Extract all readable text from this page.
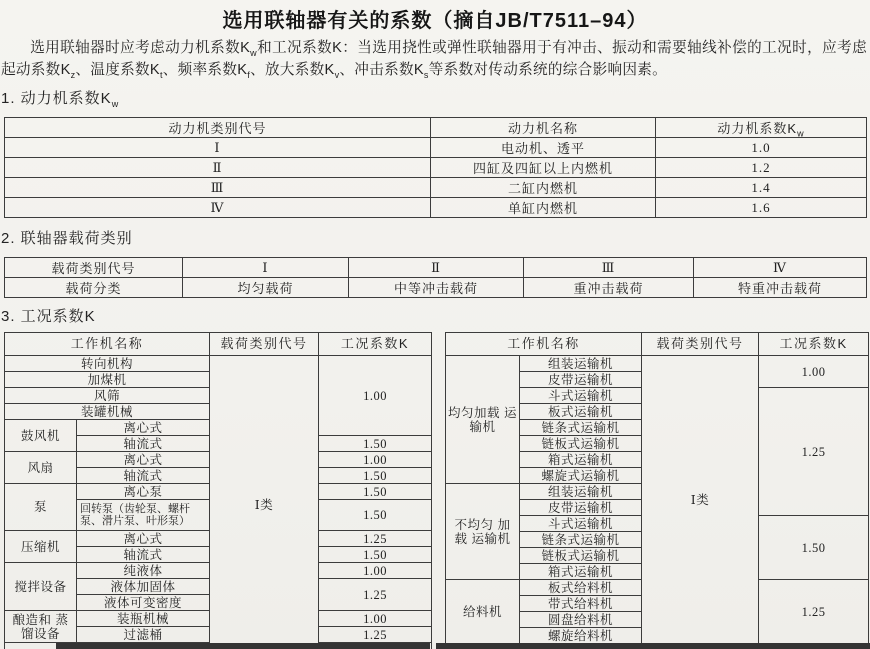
选用联轴器有关的系数（摘自JB/T7511–94）

选用联轴器时应考虑动力机系数$K_w$和工况系数K：当选用挠性或弹性联轴器用于有冲击、振动和需要轴线补偿的工况时，应考虑起动系数$K_z$、温度系数$K_t$、频率系数$K_f$、放大系数$K_v$、冲击系数$K_s$等系数对传动系统的综合影响因素。

1. 动力机系数$K_w$
动力机类别代号	动力机名称	动力机系数$K_w$
Ⅰ	电动机、透平	1.0
Ⅱ	四缸及四缸以上内燃机	1.2
Ⅲ	二缸内燃机	1.4
Ⅳ	单缸内燃机	1.6
2. 联轴器载荷类别
载荷类别代号	Ⅰ	Ⅱ	Ⅲ	Ⅳ
载荷分类	均匀载荷	中等冲击载荷	重冲击载荷	特重冲击载荷
3. 工况系数K
工作机名称		载荷类别代号	工况系数K
转向机构		Ⅰ类	1.00
加煤机			
风筛			
装罐机械			
鼓风机	离心式		
	轴流式		1.50
风扇	离心式		1.00
	轴流式		1.50
泵	离心泵		1.50
	回转泵（齿轮泵、螺杆泵、滑片泵、叶形泵）		1.50
压缩机	离心式		1.25
	轴流式		1.50
搅拌设备	纯液体		1.00
	液体加固体		1.25
	液体可变密度		
酿造和 蒸馏设备	装瓶机械		1.00
	过滤桶		1.25

工作机名称		载荷类别代号	工况系数K
均匀加载 运输机	组装运输机	Ⅰ类	1.00
	皮带运输机		
	斗式运输机		1.25
	板式运输机		
	链条式运输机		
	链板式运输机		
	箱式运输机		
	螺旋式运输机		
不均匀 加 载 运输机	组装运输机		
	皮带运输机		
	斗式运输机		1.50
	链条式运输机		
	链板式运输机		
	箱式运输机		
给料机	板式给料机		1.25
	带式给料机		
	圆盘给料机		
	螺旋给料机		
